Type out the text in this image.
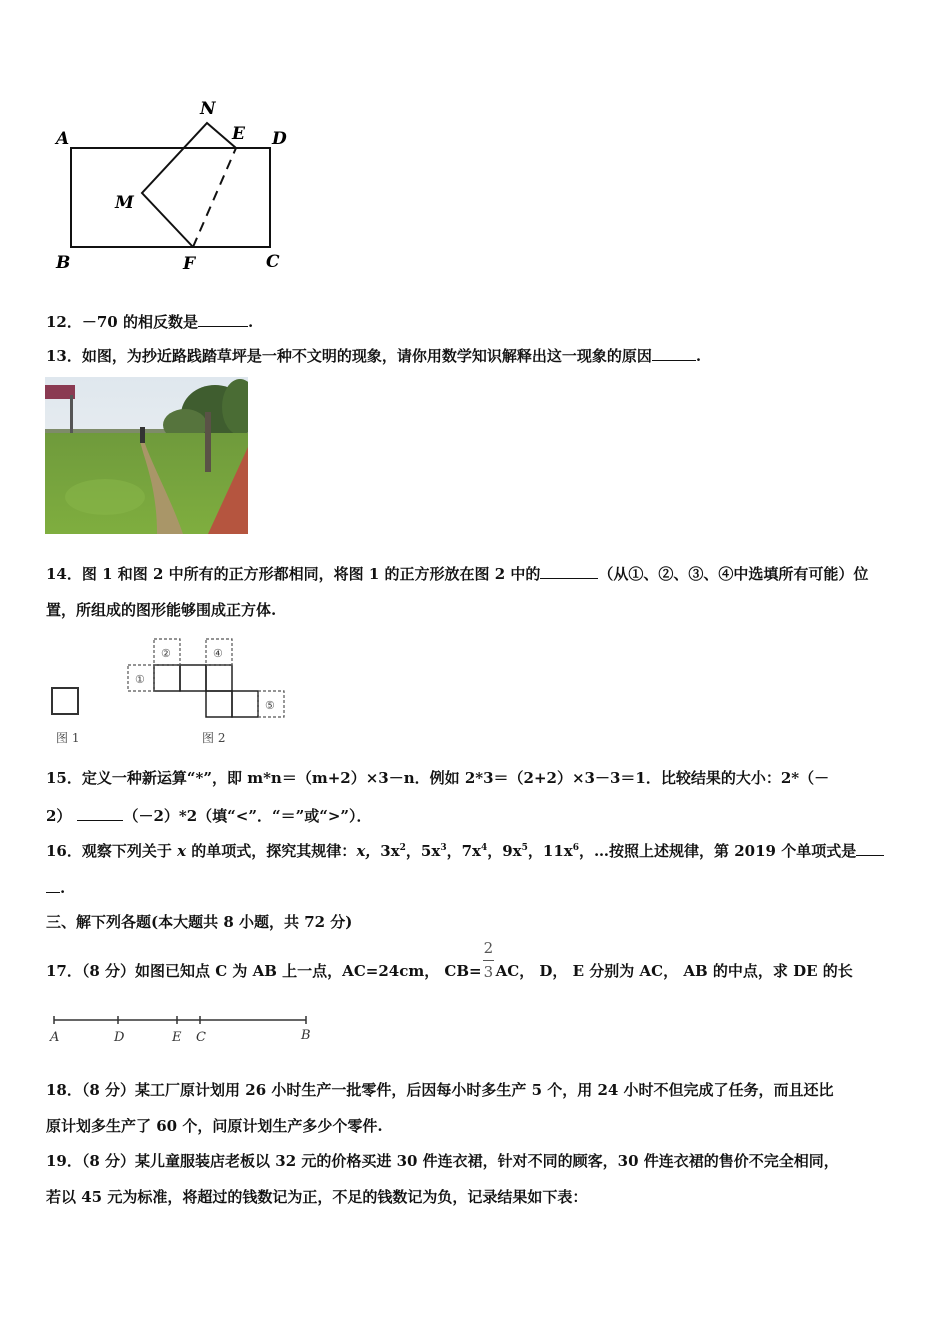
A	D
N
E
M
B	F	C
12．－70 的相反数是	.
13．如图，为抄近路践踏草坪是一种不文明的现象，请你用数学知识解释出这一现象的原因	.
14．图 1 和图 2 中所有的正方形都相同，将图 1 的正方形放在图 2 中的	（从①、②、③、④中选填所有可能）位
置，所组成的图形能够围成正方体.
图 1
①
②	④
⑤
图 2
15．定义一种新运算“*”，即 m*n＝（m+2）×3－n．例如 2*3＝（2+2）×3－3＝1．比较结果的大小：2*（－
2）	（－2）*2（填“<”．“＝”或“>”）．
16．观察下列关于 x 的单项式，探究其规律：x，$3x^2$，$5x^3$，$7x^4$，$9x^5$，$11x^6$，…按照上述规律，第 2019 个单项式是
.
三、解下列各题(本大题共 8 小题，共 72 分)
17．（8 分）如图已知点 C 为 AB 上一点，AC=24cm， $CB= \frac{2}{3}$ AC， D， E 分别为 AC， AB 的中点，求 DE 的长
A	D	E C	B
18．（8 分）某工厂原计划用 26 小时生产一批零件，后因每小时多生产 5 个，用 24 小时不但完成了任务，而且还比
原计划多生产了 60 个，问原计划生产多少个零件.
19．（8 分）某儿童服装店老板以 32 元的价格买进 30 件连衣裙，针对不同的顾客，30 件连衣裙的售价不完全相同，
若以 45 元为标准，将超过的钱数记为正，不足的钱数记为负，记录结果如下表：
